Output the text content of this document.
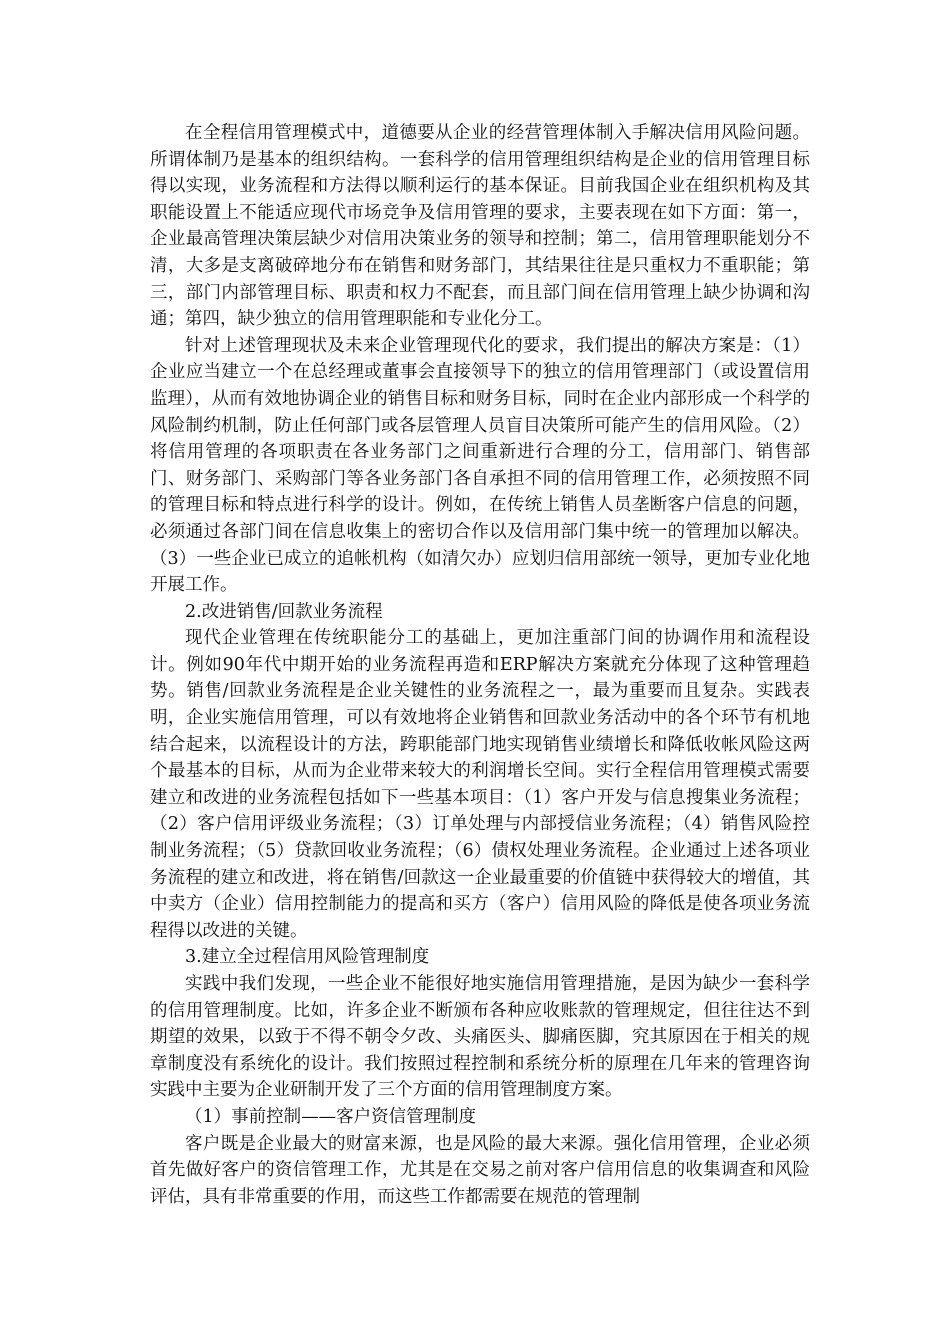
在全程信用管理模式中，道德要从企业的经营管理体制入手解决信用风险问题。所谓体制乃是基本的组织结构。一套科学的信用管理组织结构是企业的信用管理目标得以实现，业务流程和方法得以顺利运行的基本保证。目前我国企业在组织机构及其职能设置上不能适应现代市场竞争及信用管理的要求，主要表现在如下方面：第一，企业最高管理决策层缺少对信用决策业务的领导和控制；第二，信用管理职能划分不清，大多是支离破碎地分布在销售和财务部门，其结果往往是只重权力不重职能；第三，部门内部管理目标、职责和权力不配套，而且部门间在信用管理上缺少协调和沟通；第四，缺少独立的信用管理职能和专业化分工。

针对上述管理现状及未来企业管理现代化的要求，我们提出的解决方案是：（1）企业应当建立一个在总经理或董事会直接领导下的独立的信用管理部门（或设置信用监理），从而有效地协调企业的销售目标和财务目标，同时在企业内部形成一个科学的风险制约机制，防止任何部门或各层管理人员盲目决策所可能产生的信用风险。（2）将信用管理的各项职责在各业务部门之间重新进行合理的分工，信用部门、销售部门、财务部门、采购部门等各业务部门各自承担不同的信用管理工作，必须按照不同的管理目标和特点进行科学的设计。例如，在传统上销售人员垄断客户信息的问题，必须通过各部门间在信息收集上的密切合作以及信用部门集中统一的管理加以解决。（3）一些企业已成立的追帐机构（如清欠办）应划归信用部统一领导，更加专业化地开展工作。

2.改进销售/回款业务流程

现代企业管理在传统职能分工的基础上，更加注重部门间的协调作用和流程设计。例如90年代中期开始的业务流程再造和ERP解决方案就充分体现了这种管理趋势。销售/回款业务流程是企业关键性的业务流程之一，最为重要而且复杂。实践表明，企业实施信用管理，可以有效地将企业销售和回款业务活动中的各个环节有机地结合起来，以流程设计的方法，跨职能部门地实现销售业绩增长和降低收帐风险这两个最基本的目标，从而为企业带来较大的利润增长空间。实行全程信用管理模式需要建立和改进的业务流程包括如下一些基本项目：（1）客户开发与信息搜集业务流程；（2）客户信用评级业务流程；（3）订单处理与内部授信业务流程；（4）销售风险控制业务流程；（5）贷款回收业务流程；（6）债权处理业务流程。企业通过上述各项业务流程的建立和改进，将在销售/回款这一企业最重要的价值链中获得较大的增值，其中卖方（企业）信用控制能力的提高和买方（客户）信用风险的降低是使各项业务流程得以改进的关键。

3.建立全过程信用风险管理制度

实践中我们发现，一些企业不能很好地实施信用管理措施，是因为缺少一套科学的信用管理制度。比如，许多企业不断颁布各种应收账款的管理规定，但往往达不到期望的效果，以致于不得不朝令夕改、头痛医头、脚痛医脚，究其原因在于相关的规章制度没有系统化的设计。我们按照过程控制和系统分析的原理在几年来的管理咨询实践中主要为企业研制开发了三个方面的信用管理制度方案。

（1）事前控制——客户资信管理制度

客户既是企业最大的财富来源，也是风险的最大来源。强化信用管理，企业必须首先做好客户的资信管理工作，尤其是在交易之前对客户信用信息的收集调查和风险评估，具有非常重要的作用，而这些工作都需要在规范的管理制
